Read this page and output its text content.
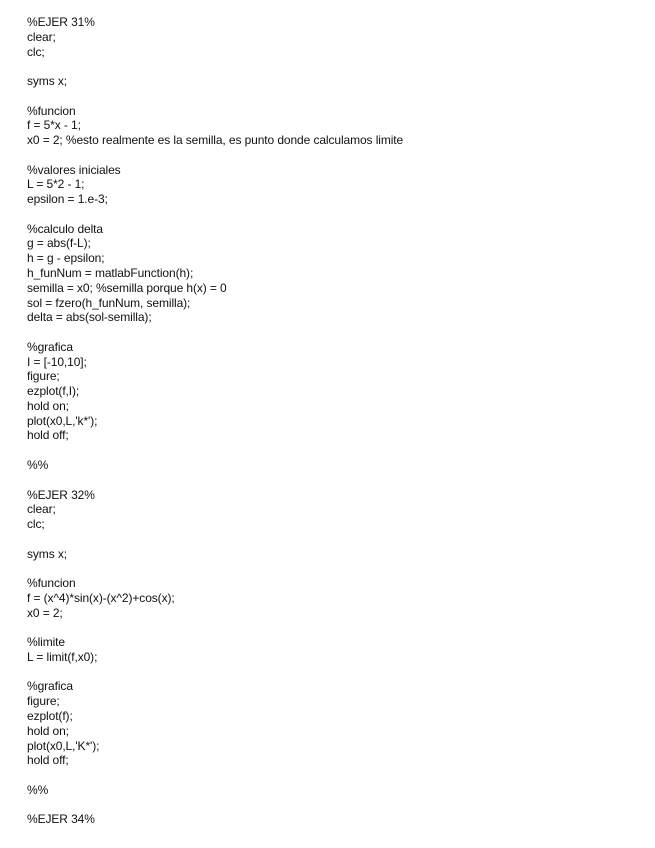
%EJER 31%
clear;
clc;
syms x;
%funcion
f = 5*x - 1;
x0 = 2; %esto realmente es la semilla, es punto donde calculamos limite
%valores iniciales
L = 5*2 - 1;
epsilon = 1.e-3;
%calculo delta
g = abs(f-L);
h = g - epsilon;
h_funNum = matlabFunction(h);
semilla = x0; %semilla porque h(x) = 0
sol = fzero(h_funNum, semilla);
delta = abs(sol-semilla);
%grafica
I = [-10,10];
figure;
ezplot(f,I);
hold on;
plot(x0,L,'k*');
hold off;
%%
%EJER 32%
clear;
clc;
syms x;
%funcion
f = (x^4)*sin(x)-(x^2)+cos(x);
x0 = 2;
%limite
L = limit(f,x0);
%grafica
figure;
ezplot(f);
hold on;
plot(x0,L,'K*');
hold off;
%%
%EJER 34%
